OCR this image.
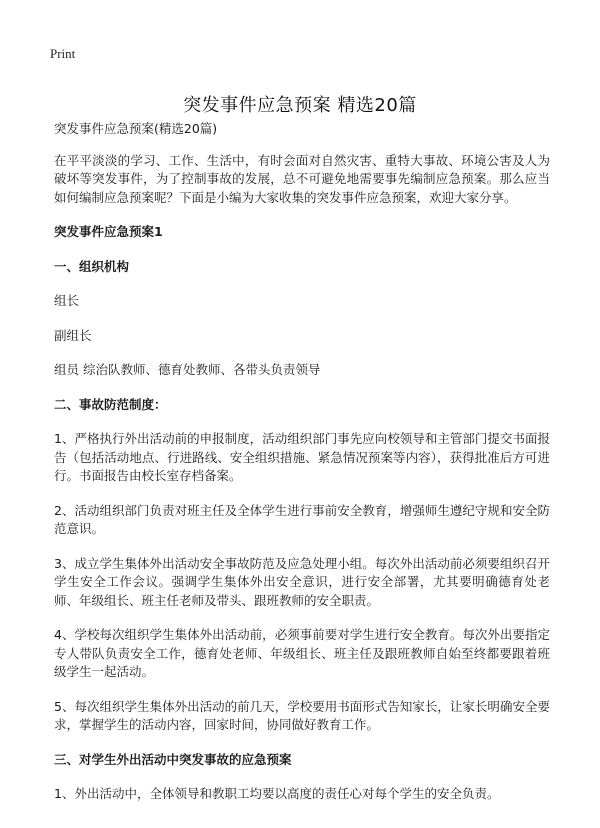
Print
突发事件应急预案 精选20篇

突发事件应急预案(精选20篇)

在平平淡淡的学习、工作、生活中，有时会面对自然灾害、重特大事故、环境公害及人为破坏等突发事件，为了控制事故的发展，总不可避免地需要事先编制应急预案。那么应当如何编制应急预案呢？下面是小编为大家收集的突发事件应急预案，欢迎大家分享。

突发事件应急预案1

一、组织机构

组长

副组长

组员 综治队教师、德育处教师、各带头负责领导

二、事故防范制度：

1、严格执行外出活动前的申报制度，活动组织部门事先应向校领导和主管部门提交书面报告（包括活动地点、行进路线、安全组织措施、紧急情况预案等内容），获得批准后方可进行。书面报告由校长室存档备案。

2、活动组织部门负责对班主任及全体学生进行事前安全教育，增强师生遵纪守规和安全防范意识。

3、成立学生集体外出活动安全事故防范及应急处理小组。每次外出活动前必须要组织召开学生安全工作会议。强调学生集体外出安全意识，进行安全部署，尤其要明确德育处老师、年级组长、班主任老师及带头、跟班教师的安全职责。

4、学校每次组织学生集体外出活动前，必须事前要对学生进行安全教育。每次外出要指定专人带队负责安全工作，德育处老师、年级组长、班主任及跟班教师自始至终都要跟着班级学生一起活动。

5、每次组织学生集体外出活动的前几天，学校要用书面形式告知家长，让家长明确安全要求，掌握学生的活动内容，回家时间，协同做好教育工作。

三、对学生外出活动中突发事故的应急预案

1、外出活动中，全体领导和教职工均要以高度的责任心对每个学生的安全负责。
